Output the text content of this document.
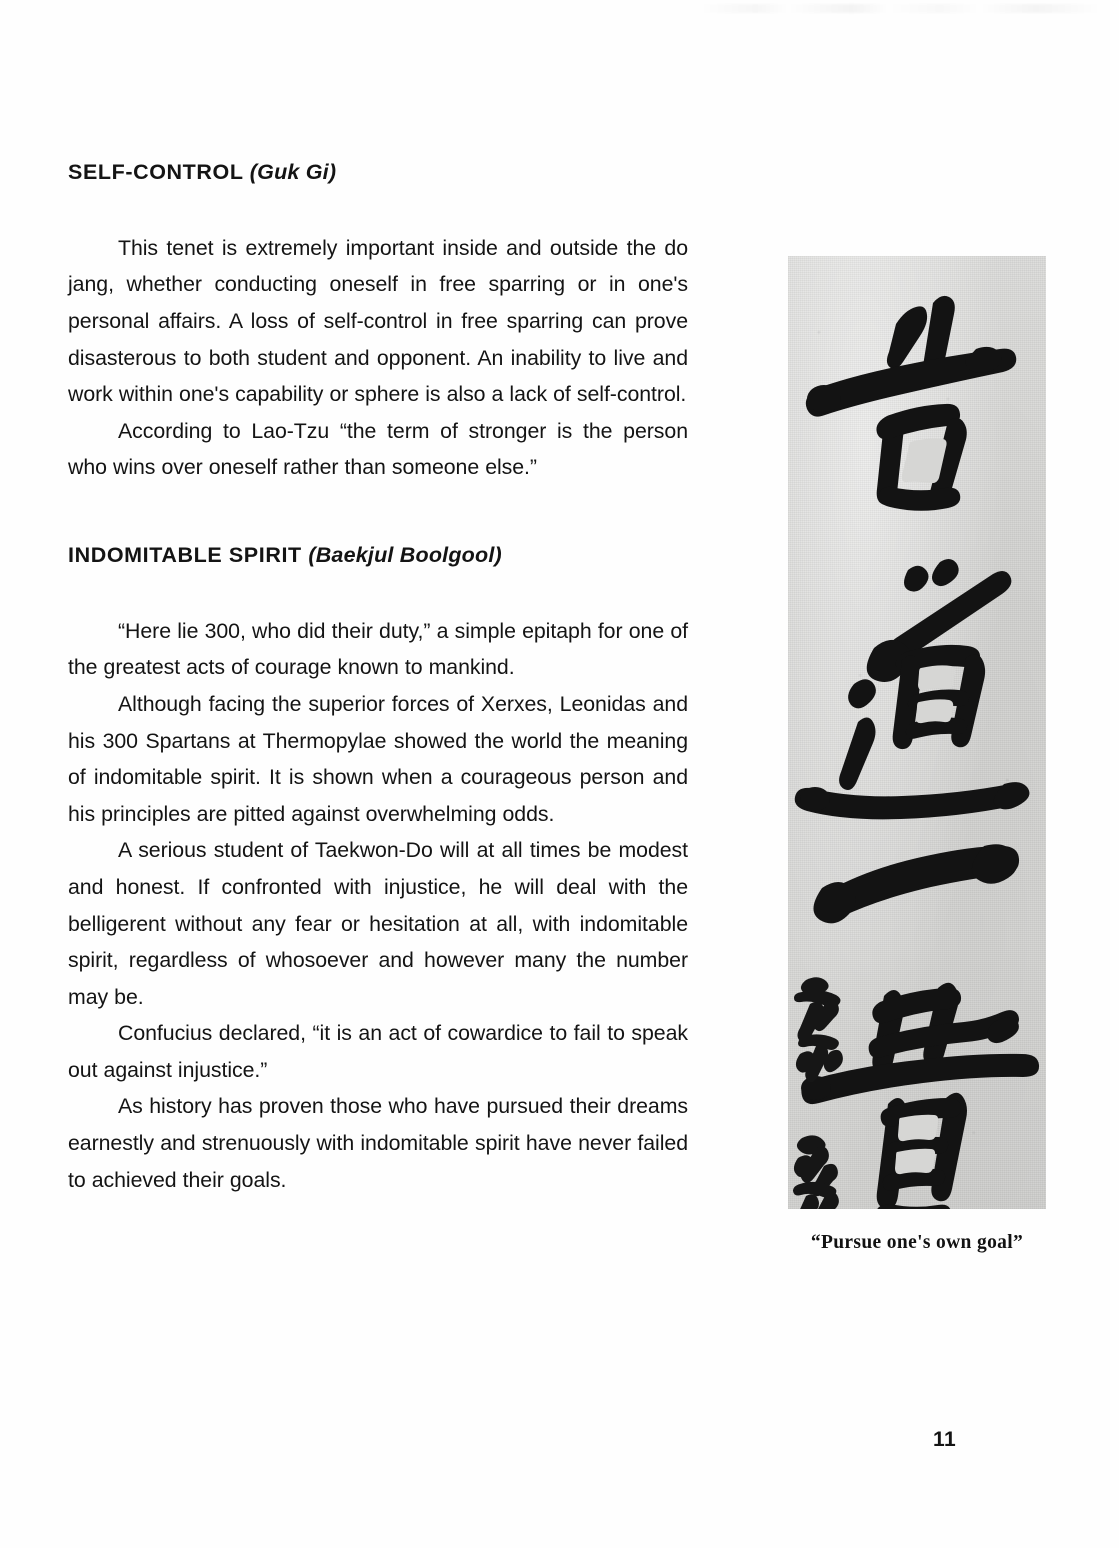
SELF-CONTROL (Guk Gi)

This tenet is extremely important inside and outside the do jang, whether conducting oneself in free sparring or in one's personal affairs. A loss of self-control in free sparring can prove disasterous to both student and opponent. An inability to live and work within one's capability or sphere is also a lack of self-control.

According to Lao-Tzu “the term of stronger is the person who wins over oneself rather than someone else.”

INDOMITABLE SPIRIT (Baekjul Boolgool)

“Here lie 300, who did their duty,” a simple epitaph for one of the greatest acts of courage known to mankind.

Although facing the superior forces of Xerxes, Leonidas and his 300 Spartans at Thermopylae showed the world the meaning of indomitable spirit. It is shown when a courageous person and his principles are pitted against overwhelming odds.

A serious student of Taekwon-Do will at all times be modest and honest. If confronted with injustice, he will deal with the belligerent without any fear or hesitation at all, with indomitable spirit, regardless of whosoever and however many the number may be.

Confucius declared, “it is an act of cowardice to fail to speak out against injustice.”

As history has proven those who have pursued their dreams earnestly and strenuously with indomitable spirit have never failed to achieved their goals.

“Pursue one's own goal”
11
